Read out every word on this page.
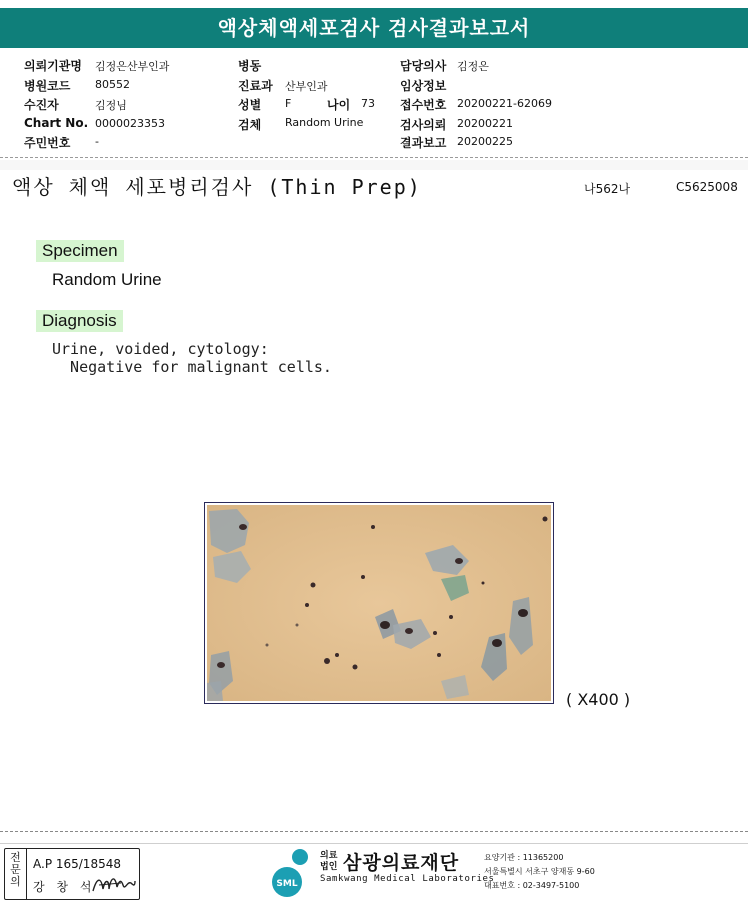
액상체액세포검사 검사결과보고서
의뢰기관명 김정은산부인과
병원코드 80552
수진자	김정님
Chart No. 0000023353
주민번호 -
병동
진료과 산부인과
성별 F	나이 73
검체 Random Urine
담당의사 김정은
임상정보
접수번호 20200221-62069
검사의뢰 20200221
결과보고 20200225
액상 체액 세포병리검사 (Thin Prep)	나562나	C5625008
Specimen
Random Urine
Diagnosis
Urine, voided, cytology:
Negative for malignant cells.
( X400 )
전문의
A.P 165/18548
강 창 석	SML
의료
법인 삼광의료재단
Samkwang Medical Laboratories
요양기관 : 11365200
서울특별시 서초구 양재동 9-60
대표번호 : 02-3497-5100
